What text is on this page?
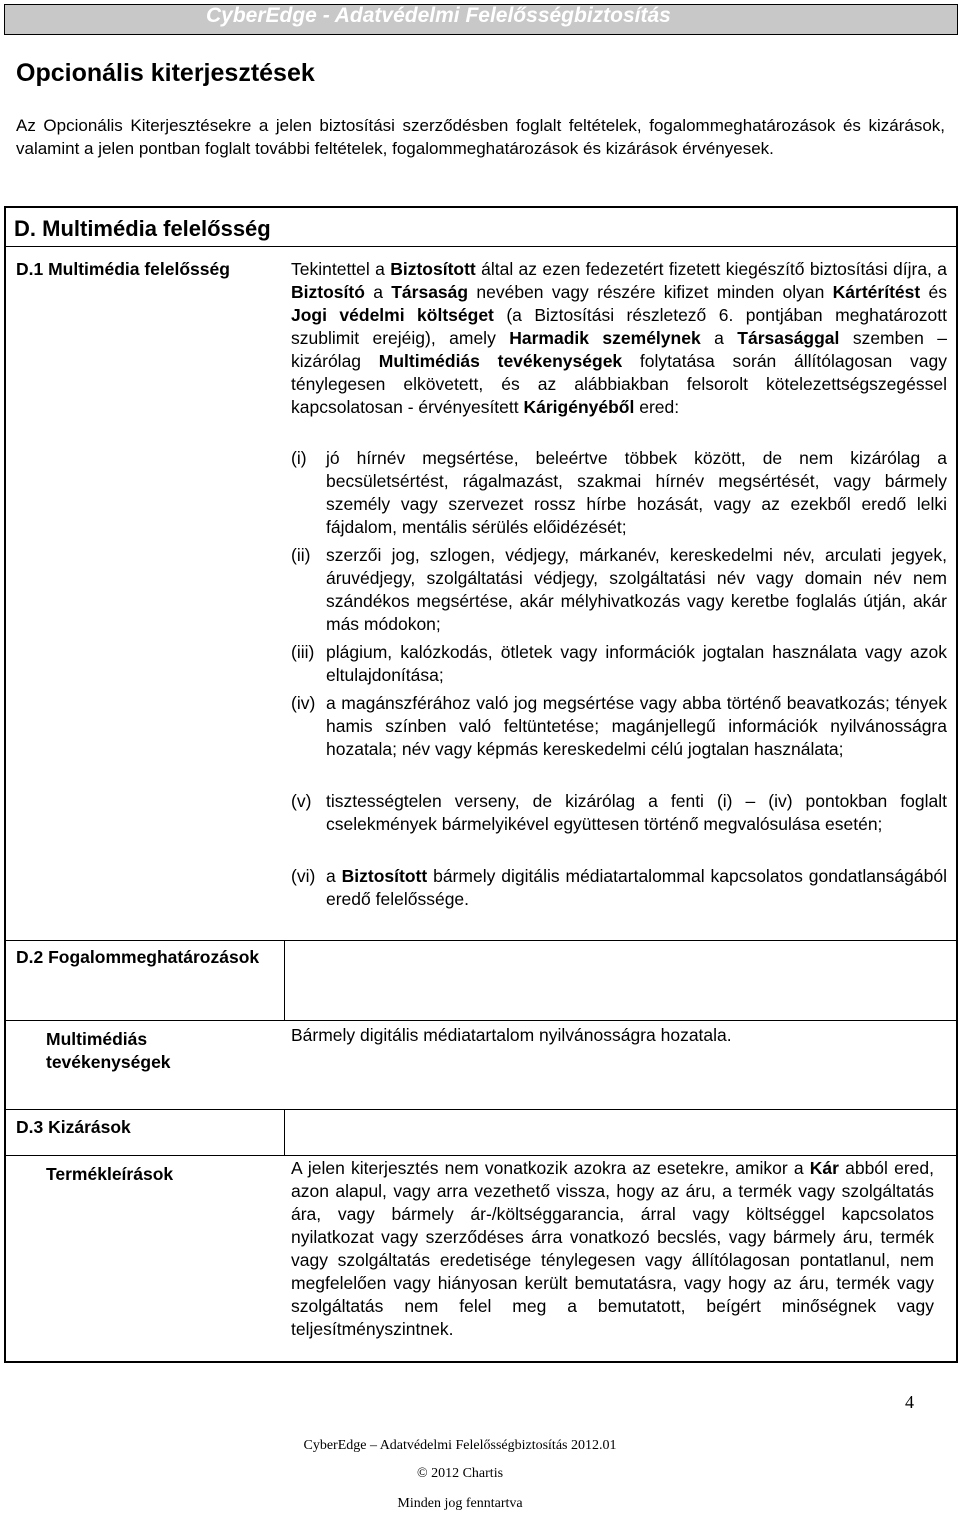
CyberEdge - Adatvédelmi Felelősségbiztosítás
Opcionális kiterjesztések
Az Opcionális Kiterjesztésekre a jelen biztosítási szerződésben foglalt feltételek, fogalommeghatározások és kizárások, valamint a jelen pontban foglalt további feltételek, fogalommeghatározások és kizárások érvényesek.
D. Multimédia felelősség
D.1 Multimédia felelősség	Tekintettel a Biztosított által az ezen fedezetért fizetett kiegészítő biztosítási díjra, a Biztosító a Társaság nevében vagy részére kifizet minden olyan Kártérítést és Jogi védelmi költséget (a Biztosítási részletező 6. pontjában meghatározott szublimit erejéig), amely Harmadik személynek a Társasággal szemben – kizárólag Multimédiás tevékenységek folytatása során állítólagosan vagy ténylegesen elkövetett, és az alábbiakban felsorolt kötelezettségszegéssel kapcsolatosan - érvényesített Kárigényéből ered:
(i) jó hírnév megsértése, beleértve többek között, de nem kizárólag a becsületsértést, rágalmazást, szakmai hírnév megsértését, vagy bármely személy vagy szervezet rossz hírbe hozását, vagy az ezekből eredő lelki fájdalom, mentális sérülés előidézését;
(ii) szerzői jog, szlogen, védjegy, márkanév, kereskedelmi név, arculati jegyek, áruvédjegy, szolgáltatási védjegy, szolgáltatási név vagy domain név nem szándékos megsértése, akár mélyhivatkozás vagy keretbe foglalás útján, akár más módokon;
(iii) plágium, kalózkodás, ötletek vagy információk jogtalan használata vagy azok eltulajdonítása;
(iv) a magánszférához való jog megsértése vagy abba történő beavatkozás; tények hamis színben való feltüntetése; magánjellegű információk nyilvánosságra hozatala; név vagy képmás kereskedelmi célú jogtalan használata;
(v) tisztességtelen verseny, de kizárólag a fenti (i) – (iv) pontokban foglalt cselekmények bármelyikével együttesen történő megvalósulása esetén;
(vi) a Biztosított bármely digitális médiatartalommal kapcsolatos gondatlanságából eredő felelőssége.
D.2 Fogalommeghatározások
Multimédiás tevékenységek
Bármely digitális médiatartalom nyilvánosságra hozatala.
D.3 Kizárások
Termékleírások	A jelen kiterjesztés nem vonatkozik azokra az esetekre, amikor a Kár abból ered, azon alapul, vagy arra vezethető vissza, hogy az áru, a termék vagy szolgáltatás ára, vagy bármely ár-/költséggarancia, árral vagy költséggel kapcsolatos nyilatkozat vagy szerződéses árra vonatkozó becslés, vagy bármely áru, termék vagy szolgáltatás eredetisége ténylegesen vagy állítólagosan pontatlanul, nem megfelelően vagy hiányosan került bemutatásra, vagy hogy az áru, termék vagy szolgáltatás nem felel meg a bemutatott, beígért minőségnek vagy teljesítményszintnek.
4
CyberEdge – Adatvédelmi Felelősségbiztosítás 2012.01
© 2012 Chartis
Minden jog fenntartva
